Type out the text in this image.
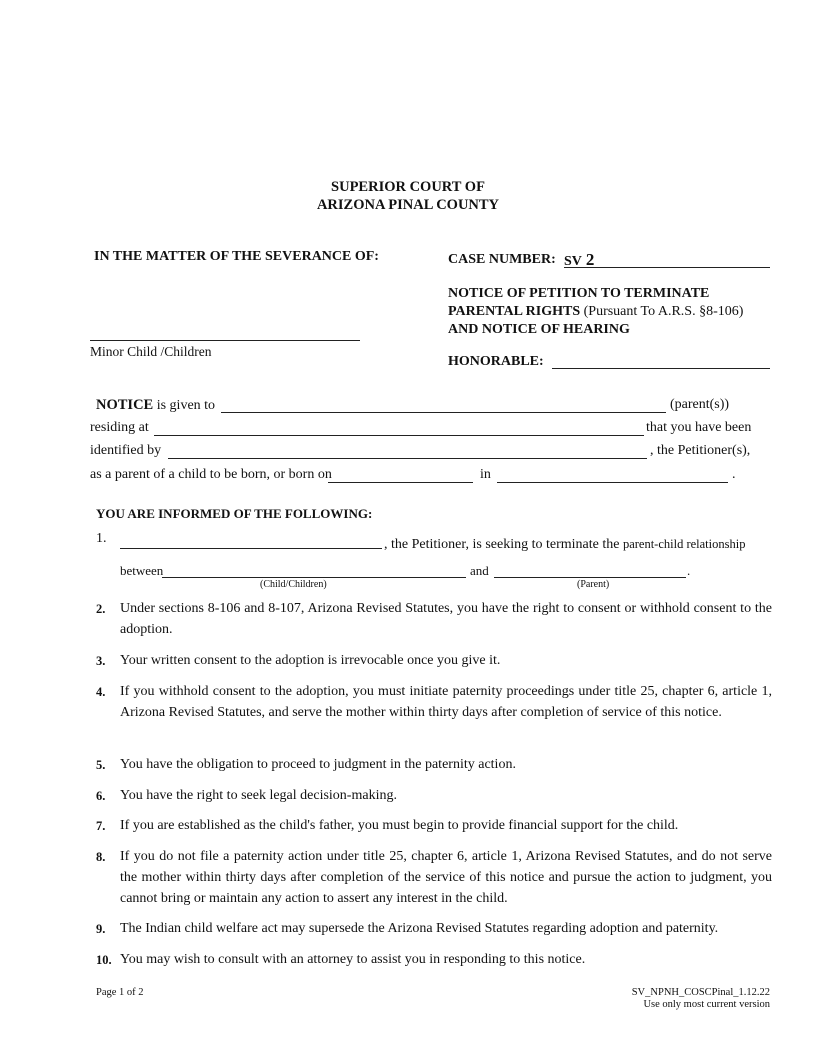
SUPERIOR COURT OF
ARIZONA PINAL COUNTY
IN THE MATTER OF THE SEVERANCE OF:
Minor Child /Children
CASE NUMBER: SV 2
NOTICE OF PETITION TO TERMINATE
PARENTAL RIGHTS (Pursuant To A.R.S. §8-106)
AND NOTICE OF HEARING
HONORABLE:
NOTICE is given to	(parent(s))
residing at	that you have been
identified by	, the Petitioner(s),
as a parent of a child to be born, or born on	in	.
YOU ARE INFORMED OF THE FOLLOWING:
1.	, the Petitioner, is seeking to terminate the parent-child relationship
between	and	.
(Child/Children)	(Parent)
2. Under sections 8-106 and 8-107, Arizona Revised Statutes, you have the right to consent or withhold consent to the adoption.
3. Your written consent to the adoption is irrevocable once you give it.
4. If you withhold consent to the adoption, you must initiate paternity proceedings under title 25, chapter 6, article 1, Arizona Revised Statutes, and serve the mother within thirty days after completion of service of this notice.
5. You have the obligation to proceed to judgment in the paternity action.
6. You have the right to seek legal decision-making.
7. If you are established as the child's father, you must begin to provide financial support for the child.
8. If you do not file a paternity action under title 25, chapter 6, article 1, Arizona Revised Statutes, and do not serve the mother within thirty days after completion of the service of this notice and pursue the action to judgment, you cannot bring or maintain any action to assert any interest in the child.
9. The Indian child welfare act may supersede the Arizona Revised Statutes regarding adoption and paternity.
10. You may wish to consult with an attorney to assist you in responding to this notice.
Page 1 of 2	SV_NPNH_COSCPinal_1.12.22
Use only most current version
